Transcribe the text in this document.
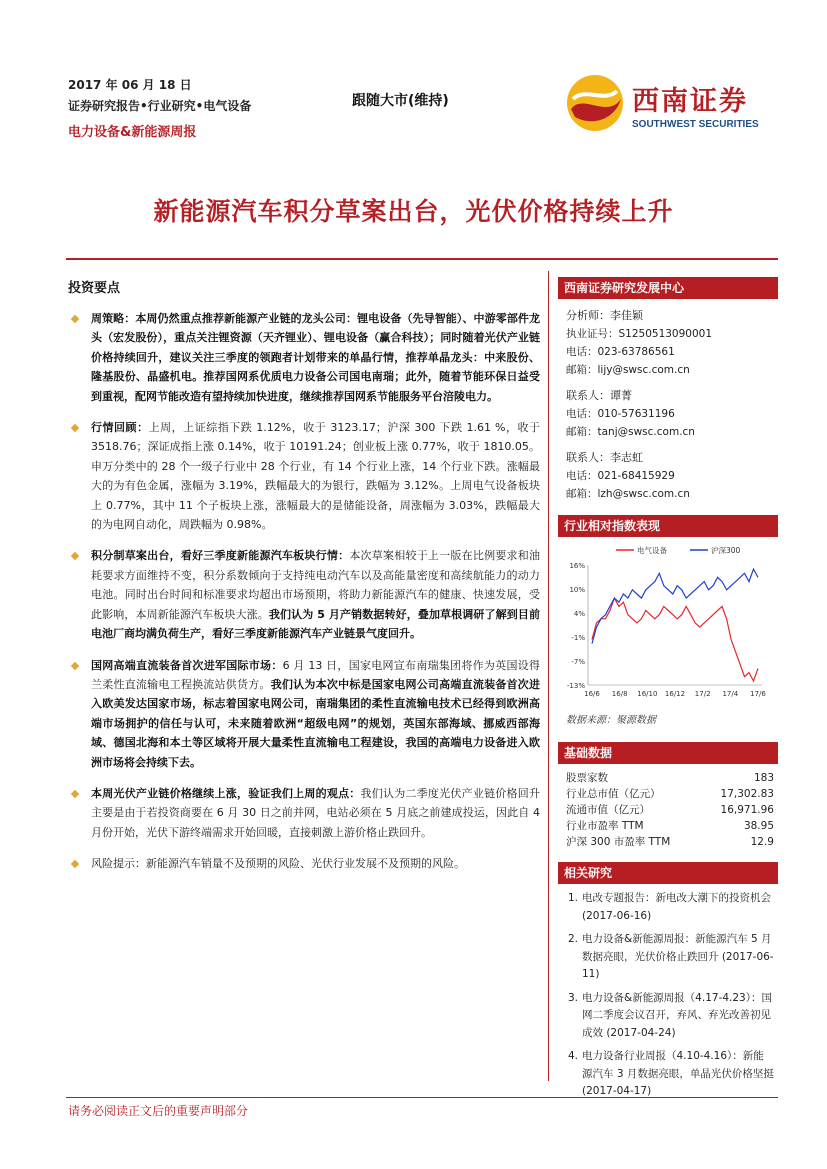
2017 年 06 月 18 日
证券研究报告•行业研究•电气设备
电力设备&新能源周报
跟随大市(维持)	西南证券
SOUTHWEST SECURITIES
新能源汽车积分草案出台，光伏价格持续上升
投资要点
周策略：本周仍然重点推荐新能源产业链的龙头公司：锂电设备（先导智能）、中游零部件龙头（宏发股份），重点关注锂资源（天齐锂业）、锂电设备（赢合科技）；同时随着光伏产业链价格持续回升，建议关注三季度的领跑者计划带来的单晶行情，推荐单晶龙头：中来股份、隆基股份、晶盛机电。推荐国网系优质电力设备公司国电南瑞；此外，随着节能环保日益受到重视，配网节能改造有望持续加快进度，继续推荐国网系节能服务平台涪陵电力。
行情回顾：上周，上证综指下跌 1.12%，收于 3123.17；沪深 300 下跌 1.61 %，收于 3518.76；深证成指上涨 0.14%，收于 10191.24；创业板上涨 0.77%，收于 1810.05。申万分类中的 28 个一级子行业中 28 个行业，有 14 个行业上涨，14 个行业下跌。涨幅最大的为有色金属，涨幅为 3.19%，跌幅最大的为银行，跌幅为 3.12%。上周电气设备板块上 0.77%，其中 11 个子板块上涨，涨幅最大的是储能设备，周涨幅为 3.03%，跌幅最大的为电网自动化，周跌幅为 0.98%。
积分制草案出台，看好三季度新能源汽车板块行情：本次草案相较于上一版在比例要求和油耗要求方面维持不变，积分系数倾向于支持纯电动汽车以及高能量密度和高续航能力的动力电池。同时出台时间和标准要求均超出市场预期，将助力新能源汽车的健康、快速发展，受此影响，本周新能源汽车板块大涨。我们认为 5 月产销数据转好，叠加草根调研了解到目前电池厂商均满负荷生产，看好三季度新能源汽车产业链景气度回升。
国网高端直流装备首次进军国际市场：6 月 13 日，国家电网宣布南瑞集团将作为英国设得兰柔性直流输电工程换流站供货方。我们认为本次中标是国家电网公司高端直流装备首次进入欧美发达国家市场，标志着国家电网公司，南瑞集团的柔性直流输电技术已经得到欧洲高端市场拥护的信任与认可，未来随着欧洲“超级电网”的规划，英国东部海域、挪威西部海域、德国北海和本土等区域将开展大量柔性直流输电工程建设，我国的高端电力设备进入欧洲市场将会持续下去。
本周光伏产业链价格继续上涨，验证我们上周的观点：我们认为二季度光伏产业链价格回升主要是由于若投资商要在 6 月 30 日之前并网，电站必须在 5 月底之前建成投运，因此自 4 月份开始，光伏下游终端需求开始回暖，直接刺激上游价格止跌回升。
风险提示：新能源汽车销量不及预期的风险、光伏行业发展不及预期的风险。
西南证券研究发展中心
分析师：李佳颖
执业证号：S1250513090001
电话：023-63786561
邮箱：lijy@swsc.com.cn
联系人：谭菁
电话：010-57631196
邮箱：tanj@swsc.com.cn
联系人：李志虹
电话：021-68415929
邮箱：lzh@swsc.com.cn
行业相对指数表现
16%
10%
4%
-1%
-7%
-13%
16/6 16/8 16/10 16/12 17/2 17/4 17/6
电气设备	沪深300
数据来源：聚源数据
基础数据
股票家数	183
行业总市值（亿元）	17,302.83
流通市值（亿元）	16,971.96
行业市盈率 TTM	38.95
沪深 300 市盈率 TTM	12.9
相关研究
1. 电改专题报告：新电改大潮下的投资机会 (2017-06-16)
2. 电力设备&新能源周报：新能源汽车 5 月数据亮眼，光伏价格止跌回升 (2017-06-11)
3. 电力设备&新能源周报（4.17-4.23）：国网二季度会议召开，弃风、弃光改善初见成效 (2017-04-24)
4. 电力设备行业周报（4.10-4.16）：新能源汽车 3 月数据亮眼，单晶光伏价格坚挺 (2017-04-17)
请务必阅读正文后的重要声明部分
